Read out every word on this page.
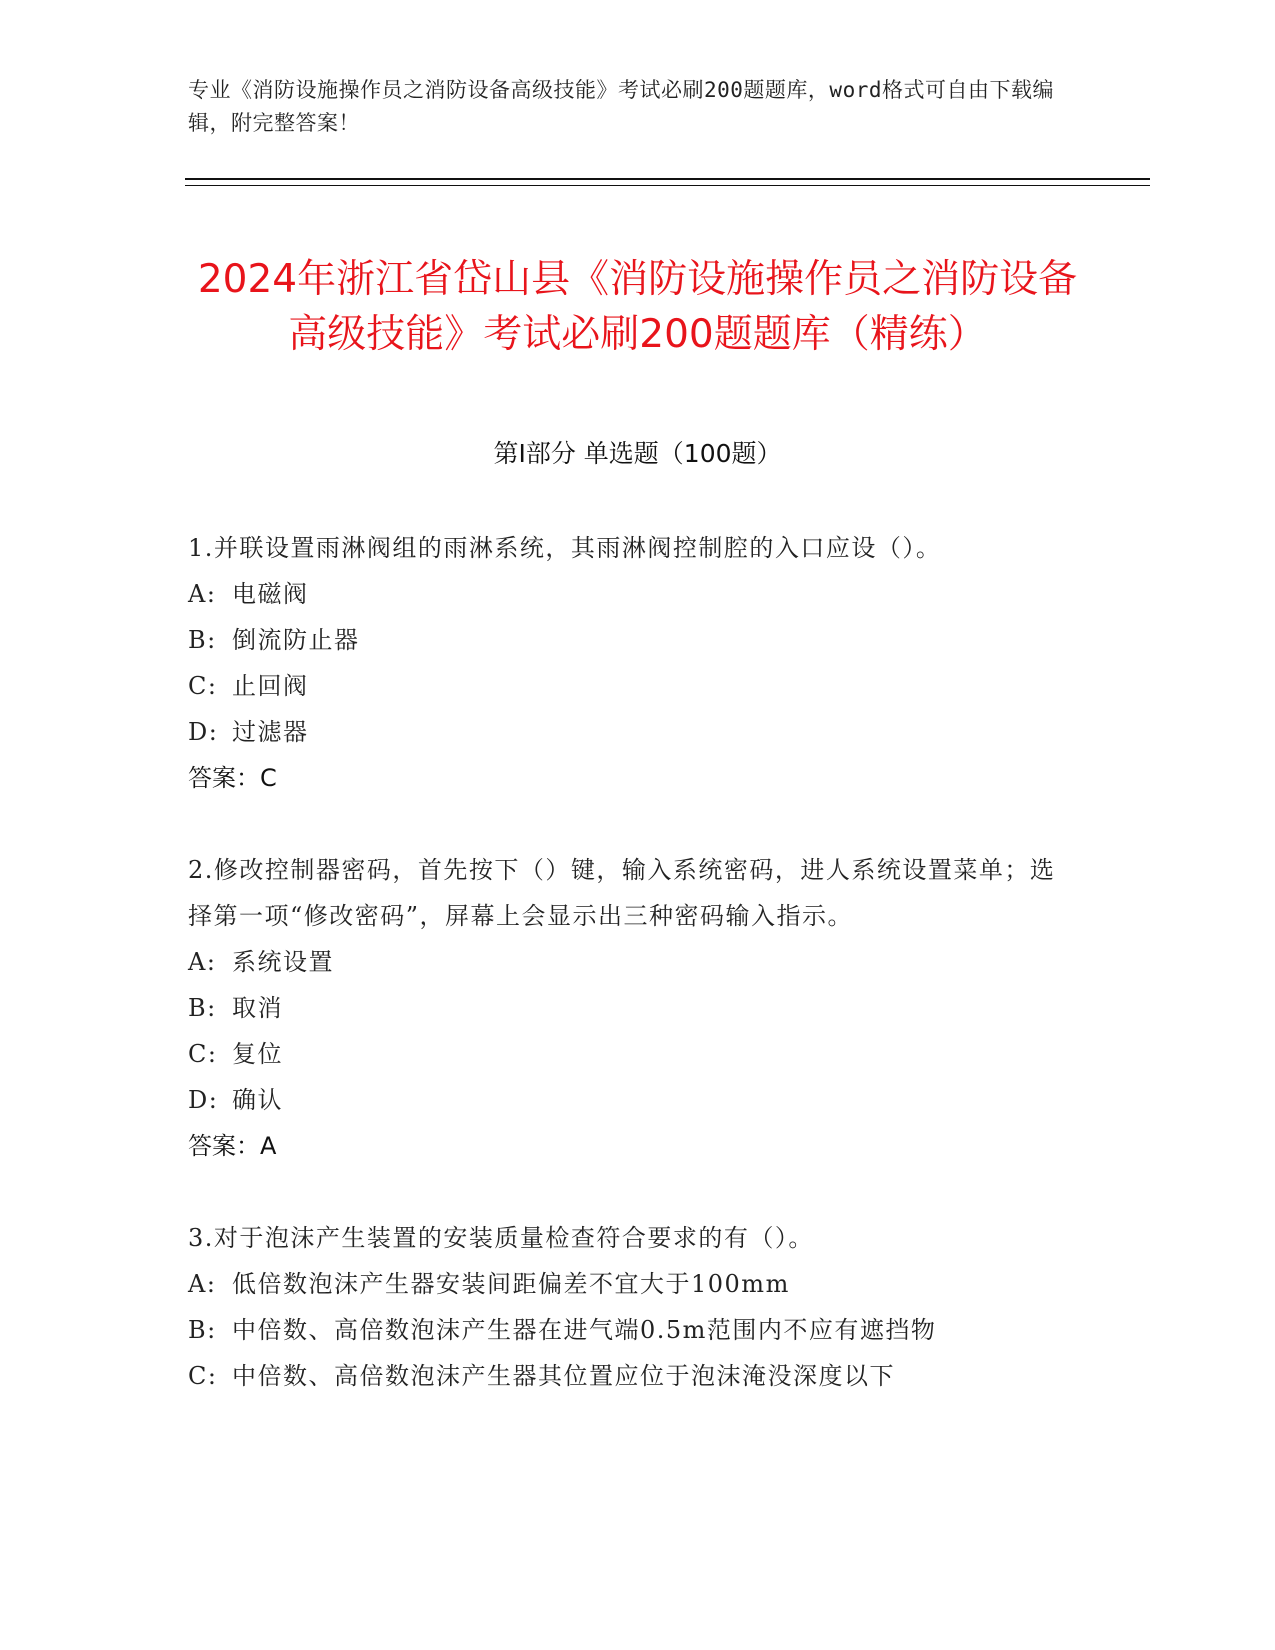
专业《消防设施操作员之消防设备高级技能》考试必刷200题题库，word格式可自由下载编辑，附完整答案！
2024年浙江省岱山县《消防设施操作员之消防设备高级技能》考试必刷200题题库（精练）
第Ⅰ部分 单选题（100题）
1.并联设置雨淋阀组的雨淋系统，其雨淋阀控制腔的入口应设（）。
A: 电磁阀
B: 倒流防止器
C: 止回阀
D: 过滤器
答案：C
2.修改控制器密码，首先按下（）键，输入系统密码，进人系统设置菜单；选择第一项“修改密码”，屏幕上会显示出三种密码输入指示。
A: 系统设置
B: 取消
C: 复位
D: 确认
答案：A
3.对于泡沫产生装置的安装质量检查符合要求的有（）。
A: 低倍数泡沫产生器安装间距偏差不宜大于100mm
B: 中倍数、高倍数泡沫产生器在进气端0.5m范围内不应有遮挡物
C: 中倍数、高倍数泡沫产生器其位置应位于泡沫淹没深度以下
